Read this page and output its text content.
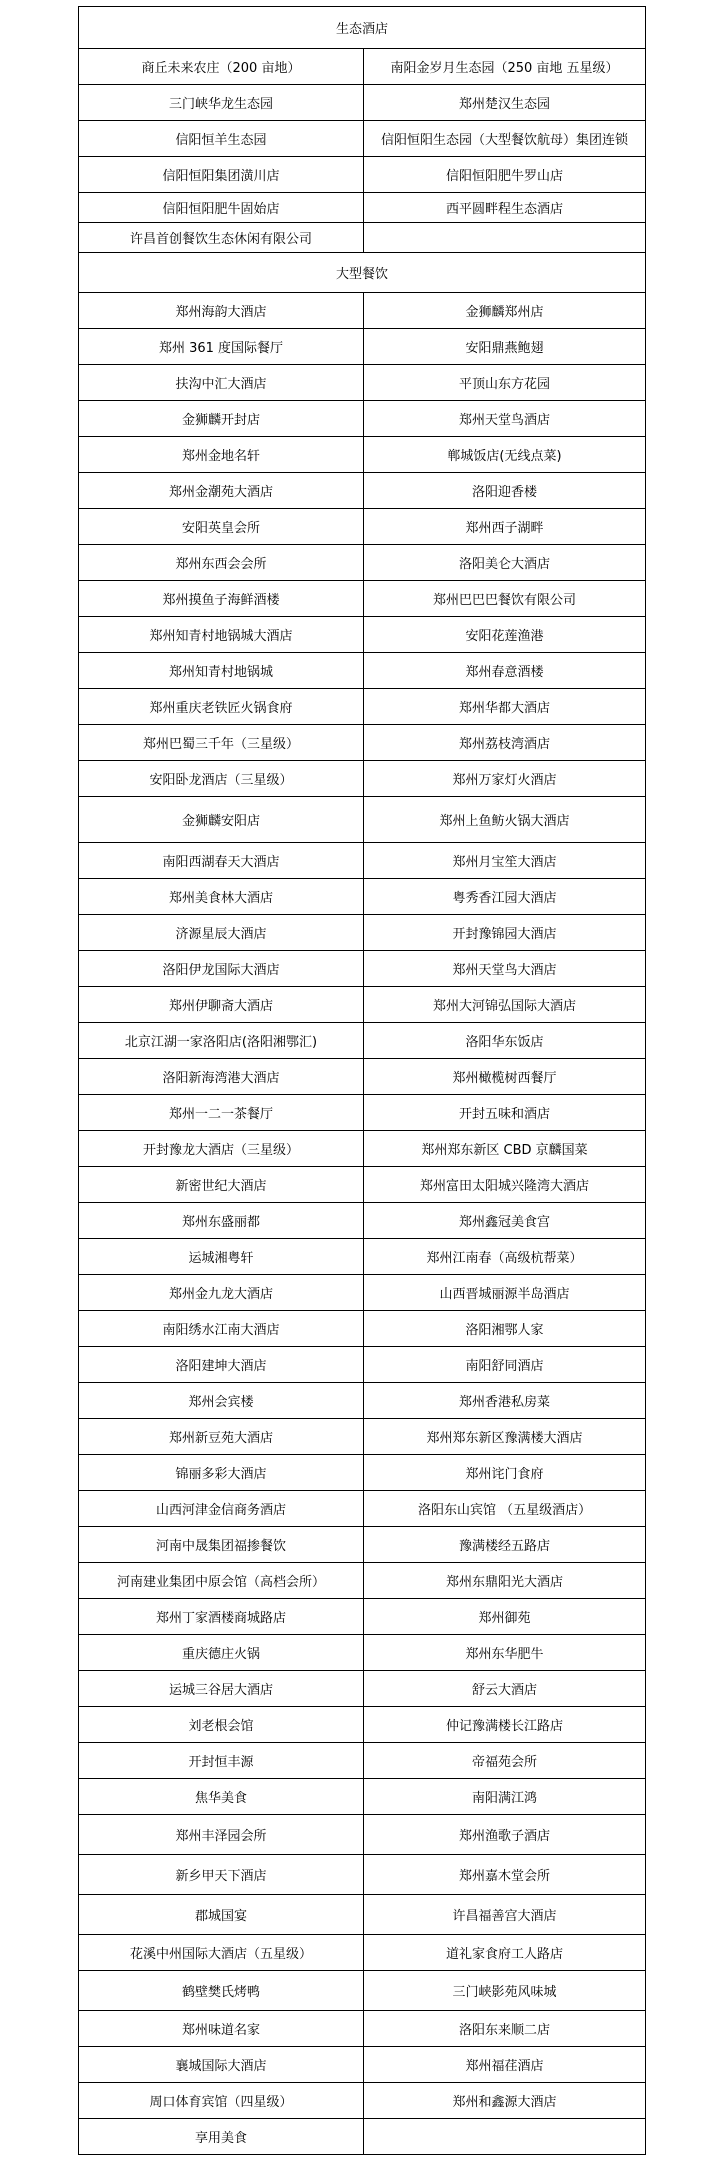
生态酒店	
商丘未来农庄（200 亩地）	南阳金岁月生态园（250 亩地 五星级）
三门峡华龙生态园	郑州楚汉生态园
信阳恒羊生态园	信阳恒阳生态园（大型餐饮航母）集团连锁
信阳恒阳集团潢川店	信阳恒阳肥牛罗山店
信阳恒阳肥牛固始店	西平圆畔程生态酒店
许昌首创餐饮生态休闲有限公司	
大型餐饮	
郑州海韵大酒店	金狮麟郑州店
郑州 361 度国际餐厅	安阳鼎燕鲍翅
扶沟中汇大酒店	平顶山东方花园
金狮麟开封店	郑州天堂鸟酒店
郑州金地名轩	郸城饭店(无线点菜)
郑州金潮苑大酒店	洛阳迎香楼
安阳英皇会所	郑州西子湖畔
郑州东西会会所	洛阳美仑大酒店
郑州摸鱼子海鲜酒楼	郑州巴巴巴餐饮有限公司
郑州知青村地锅城大酒店	安阳花莲渔港
郑州知青村地锅城	郑州春意酒楼
郑州重庆老铁匠火锅食府	郑州华都大酒店
郑州巴蜀三千年（三星级）	郑州荔枝湾酒店
安阳卧龙酒店（三星级）	郑州万家灯火酒店
金狮麟安阳店	郑州上鱼鲂火锅大酒店
南阳西湖春天大酒店	郑州月宝笙大酒店
郑州美食林大酒店	粤秀香江园大酒店
济源星辰大酒店	开封豫锦园大酒店
洛阳伊龙国际大酒店	郑州天堂鸟大酒店
郑州伊聊斋大酒店	郑州大河锦弘国际大酒店
北京江湖一家洛阳店(洛阳湘鄂汇)	洛阳华东饭店
洛阳新海湾港大酒店	郑州橄榄树西餐厅
郑州一二一茶餐厅	开封五味和酒店
开封豫龙大酒店（三星级）	郑州郑东新区 CBD 京麟国菜
新密世纪大酒店	郑州富田太阳城兴隆湾大酒店
郑州东盛丽都	郑州鑫冠美食宫
运城湘粤轩	郑州江南春（高级杭帮菜）
郑州金九龙大酒店	山西晋城丽源半岛酒店
南阳绣水江南大酒店	洛阳湘鄂人家
洛阳建坤大酒店	南阳舒同酒店
郑州会宾楼	郑州香港私房菜
郑州新豆苑大酒店	郑州郑东新区豫满楼大酒店
锦丽多彩大酒店	郑州诧门食府
山西河津金信商务酒店	洛阳东山宾馆 （五星级酒店）
河南中晟集团福掺餐饮	豫满楼经五路店
河南建业集团中原会馆（高档会所）	郑州东鼎阳光大酒店
郑州丁家酒楼商城路店	郑州御苑
重庆德庄火锅	郑州东华肥牛
运城三谷居大酒店	舒云大酒店
刘老根会馆	仲记豫满楼长江路店
开封恒丰源	帝福苑会所
焦华美食	南阳满江鸿
郑州丰泽园会所	郑州渔歌子酒店
新乡甲天下酒店	郑州嘉木堂会所
郡城国宴	许昌福善宫大酒店
花溪中州国际大酒店（五星级）	道礼家食府工人路店
鹤壁樊氏烤鸭	三门峡影苑风味城
郑州味道名家	洛阳东来顺二店
襄城国际大酒店	郑州福荏酒店
周口体育宾馆（四星级）	郑州和鑫源大酒店
享用美食	
